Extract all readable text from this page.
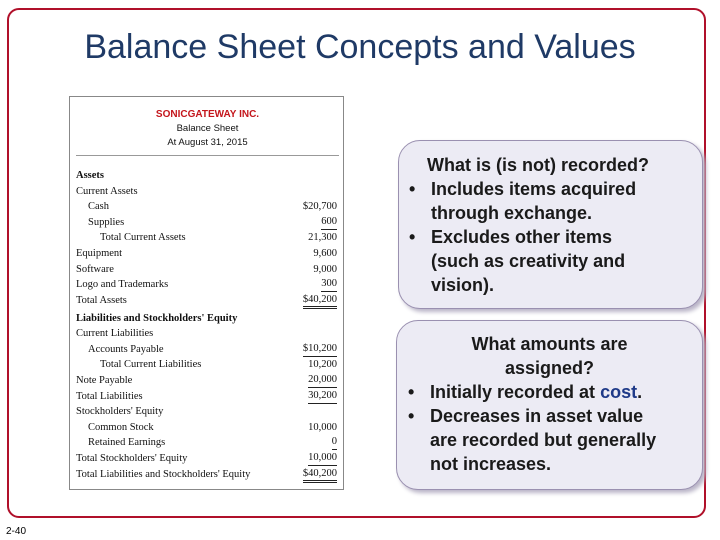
Balance Sheet Concepts and Values
SONICGATEWAY INC.
Balance Sheet
At August 31, 2015
Assets
Current Assets
Cash	$20,700
Supplies	600
Total Current Assets	21,300
Equipment	9,600
Software	9,000
Logo and Trademarks	300
Total Assets	$40,200
Liabilities and Stockholders' Equity
Current Liabilities
Accounts Payable	$10,200
Total Current Liabilities	10,200
Note Payable	20,000
Total Liabilities	30,200
Stockholders' Equity
Common Stock	10,000
Retained Earnings	0
Total Stockholders' Equity	10,000
Total Liabilities and Stockholders' Equity	$40,200
What is (is not) recorded?
• Includes items acquired
through exchange.
• Excludes other items
(such as creativity and
vision).
What amounts are
assigned?
• Initially recorded at cost.
• Decreases in asset value
are recorded but generally
not increases.
2-40
